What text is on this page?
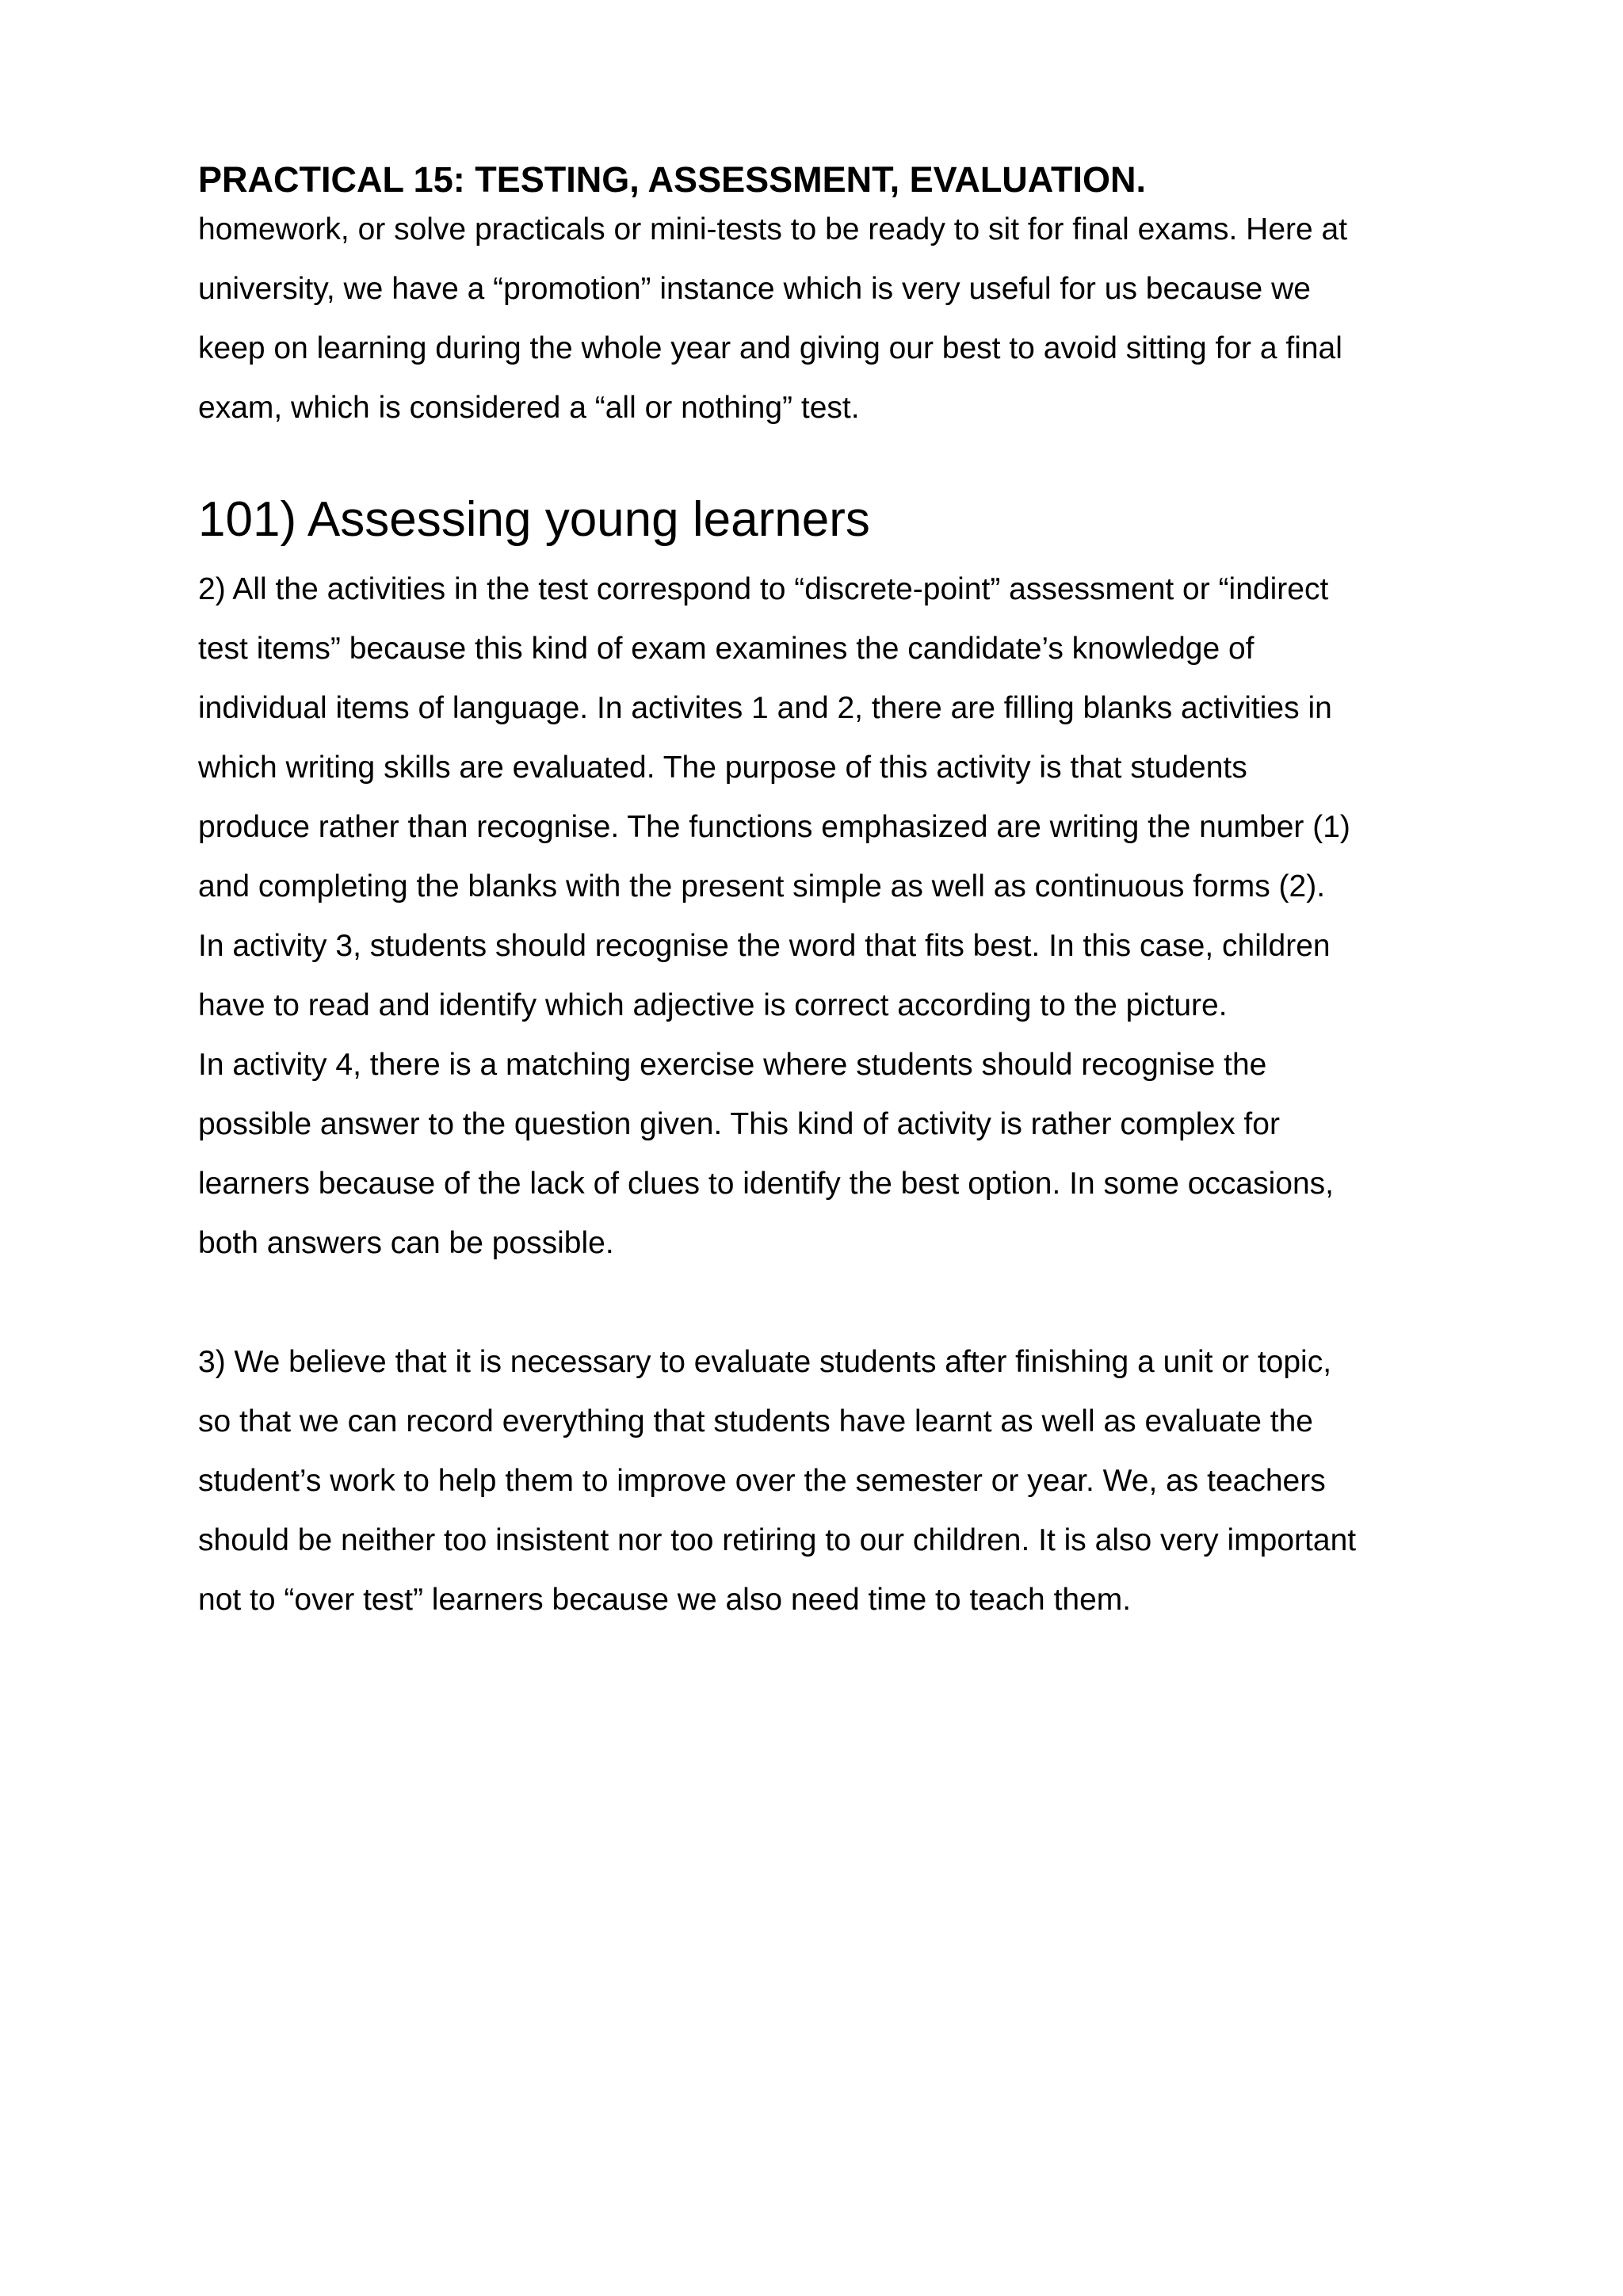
PRACTICAL 15: TESTING, ASSESSMENT, EVALUATION.

homework, or solve practicals or mini-tests to be ready to sit for final exams. Here at
university, we have a “promotion” instance which is very useful for us because we
keep on learning during the whole year and giving our best to avoid sitting for a final
exam, which is considered a “all or nothing” test.

101) Assessing young learners

2) All the activities in the test correspond to “discrete-point” assessment or “indirect
test items” because this kind of exam examines the candidate’s knowledge of
individual items of language. In activites 1 and 2, there are filling blanks activities in
which writing skills are evaluated. The purpose of this activity is that students
produce rather than recognise. The functions emphasized are writing the number (1)
and completing the blanks with the present simple as well as continuous forms (2).
In activity 3, students should recognise the word that fits best. In this case, children
have to read and identify which adjective is correct according to the picture.
In activity 4, there is a matching exercise where students should recognise the
possible answer to the question given. This kind of activity is rather complex for
learners because of the lack of clues to identify the best option. In some occasions,
both answers can be possible.

3) We believe that it is necessary to evaluate students after finishing a unit or topic,
so that we can record everything that students have learnt as well as evaluate the
student’s work to help them to improve over the semester or year. We, as teachers
should be neither too insistent nor too retiring to our children. It is also very important
not to “over test” learners because we also need time to teach them.
